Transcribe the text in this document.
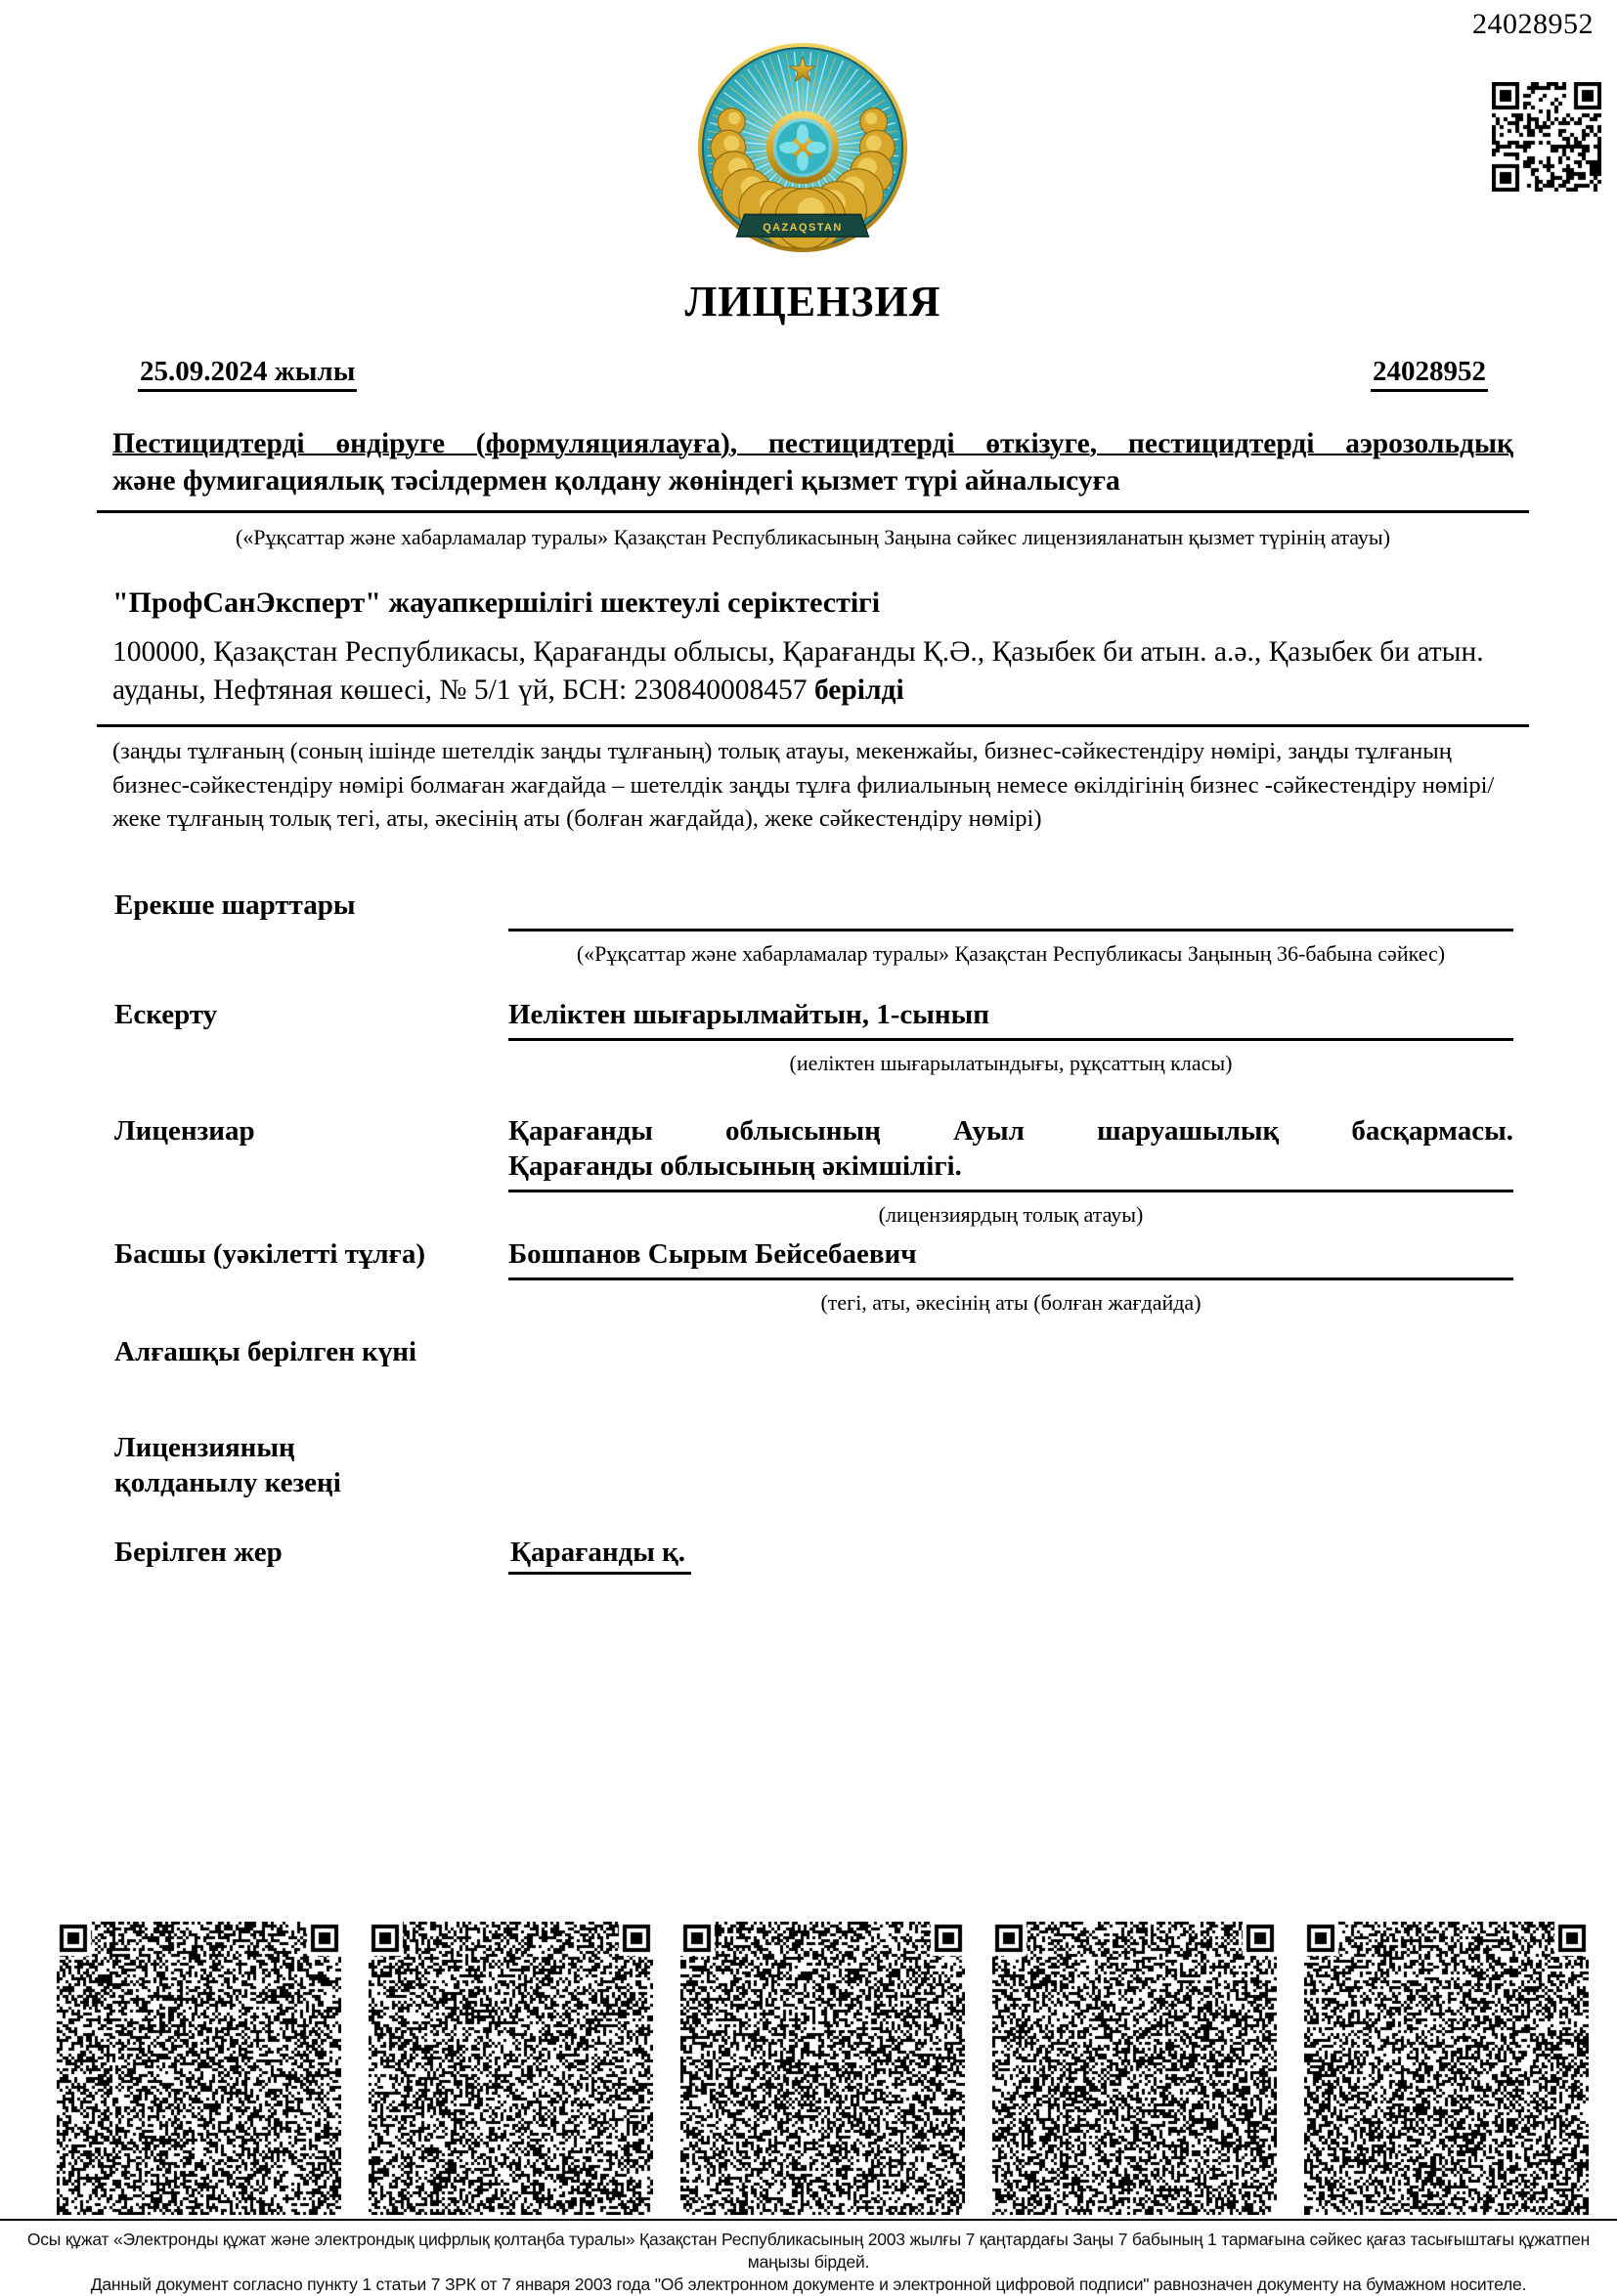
24028952
QAZAQSTAN
ЛИЦЕНЗИЯ
25.09.2024 жылы	24028952
Пестицидтерді өндіруге (формуляциялауға), пестицидтерді өткізуге, пестицидтерді аэрозольдық
және фумигациялық тәсілдермен қолдану жөніндегі қызмет түрі айналысуға
(«Рұқсаттар және хабарламалар туралы» Қазақстан Республикасының Заңына сәйкес лицензияланатын қызмет түрінің атауы)
"ПрофСанЭксперт" жауапкершілігі шектеулі серіктестігі
100000, Қазақстан Республикасы, Қарағанды облысы, Қарағанды Қ.Ә., Қазыбек би атын. а.ә., Қазыбек би атын. ауданы, Нефтяная көшесі, № 5/1 үй, БСН: 230840008457 берілді
(заңды тұлғаның (соның ішінде шетелдік заңды тұлғаның) толық атауы, мекенжайы, бизнес-сәйкестендіру нөмірі, заңды тұлғаның бизнес-сәйкестендіру нөмірі болмаған жағдайда – шетелдік заңды тұлға филиалының немесе өкілдігінің бизнес -сәйкестендіру нөмірі/жеке тұлғаның толық тегі, аты, әкесінің аты (болған жағдайда), жеке сәйкестендіру нөмірі)
Ерекше шарттары
(«Рұқсаттар және хабарламалар туралы» Қазақстан Республикасы Заңының 36-бабына сәйкес)
Ескерту	Иеліктен шығарылмайтын, 1-сынып
(иеліктен шығарылатындығы, рұқсаттың класы)
Лицензиар	Қарағанды облысының Ауыл шаруашылық басқармасы.
Қарағанды облысының әкімшілігі.
(лицензиярдың толық атауы)
Басшы (уәкілетті тұлға)	Бошпанов Сырым Бейсебаевич
(тегі, аты, әкесінің аты (болған жағдайда)
Алғашқы берілген күні
Лицензияның қолданылу кезеңі
Берілген жер	Қарағанды қ.
Осы құжат «Электронды құжат және электрондық цифрлық қолтаңба туралы» Қазақстан Республикасының 2003 жылғы 7 қаңтардағы Заңы 7 бабының 1 тармағына сәйкес қағаз тасығыштағы құжатпен маңызы бірдей.
Данный документ согласно пункту 1 статьи 7 ЗРК от 7 января 2003 года "Об электронном документе и электронной цифровой подписи" равнозначен документу на бумажном носителе.
